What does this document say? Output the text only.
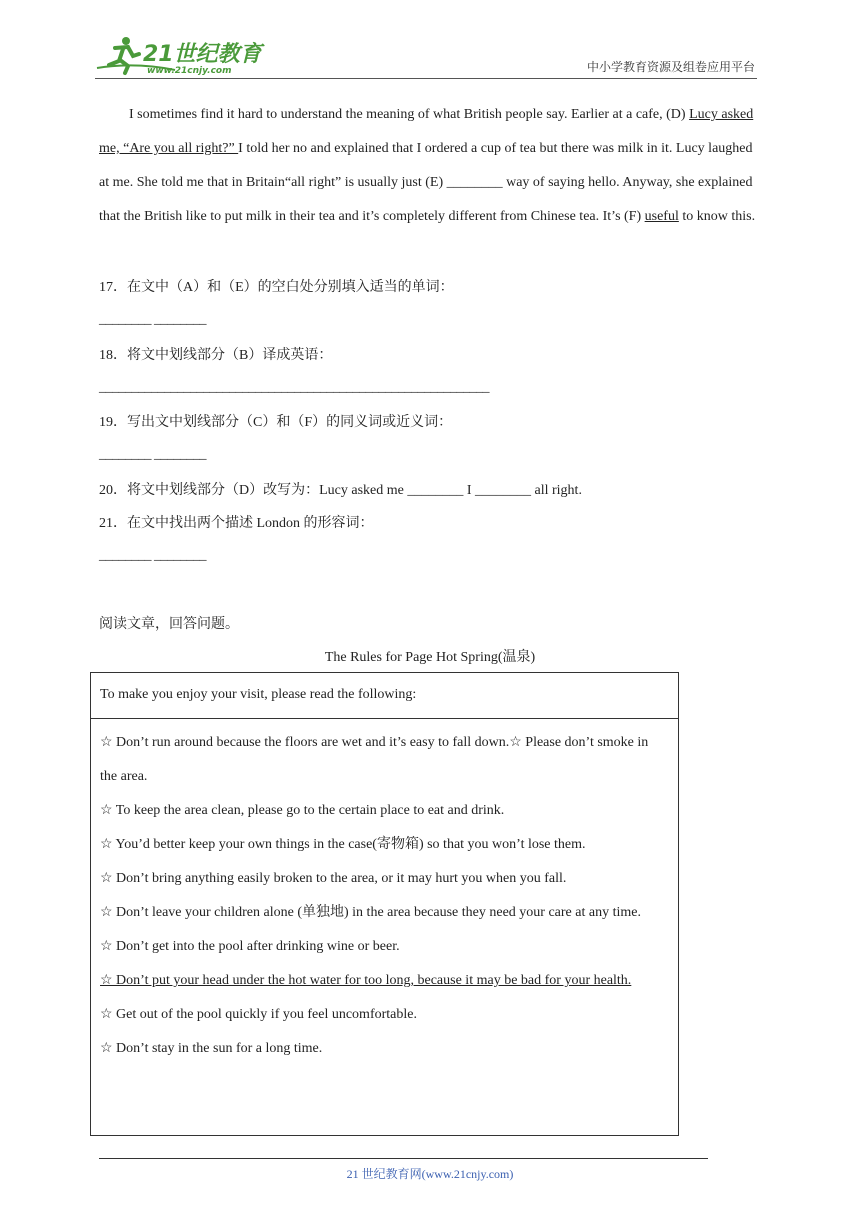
21世纪教育
www.21cnjy.com	中小学教育资源及组卷应用平台

I sometimes find it hard to understand the meaning of what British people say. Earlier at a cafe, (D) Lucy asked me, “Are you all right?” I told her no and explained that I ordered a cup of tea but there was milk in it. Lucy laughed at me. She told me that in Britain“all right” is usually just (E) ________ way of saying hello. Anyway, she explained that the British like to put milk in their tea and it’s completely different from Chinese tea. It’s (F) useful to know this.

17．在文中（A）和（E）的空白处分别填入适当的单词：
________ ________
18．将文中划线部分（B）译成英语：
____________________________________________________________
19．写出文中划线部分（C）和（F）的同义词或近义词：
________ ________
20．将文中划线部分（D）改写为：Lucy asked me ________ I ________ all right.
21．在文中找出两个描述 London 的形容词：
________ ________
阅读文章，回答问题。
The Rules for Page Hot Spring(温泉)
To make you enjoy your visit, please read the following:
☆ Don’t run around because the floors are wet and it’s easy to fall down.☆ Please don’t smoke in the area.
☆ To keep the area clean, please go to the certain place to eat and drink.
☆ You’d better keep your own things in the case(寄物箱) so that you won’t lose them.
☆ Don’t bring anything easily broken to the area, or it may hurt you when you fall.
☆ Don’t leave your children alone (单独地) in the area because they need your care at any time.
☆ Don’t get into the pool after drinking wine or beer.
☆ Don’t put your head under the hot water for too long, because it may be bad for your health.
☆ Get out of the pool quickly if you feel uncomfortable.
☆ Don’t stay in the sun for a long time.
21 世纪教育网(www.21cnjy.com)
